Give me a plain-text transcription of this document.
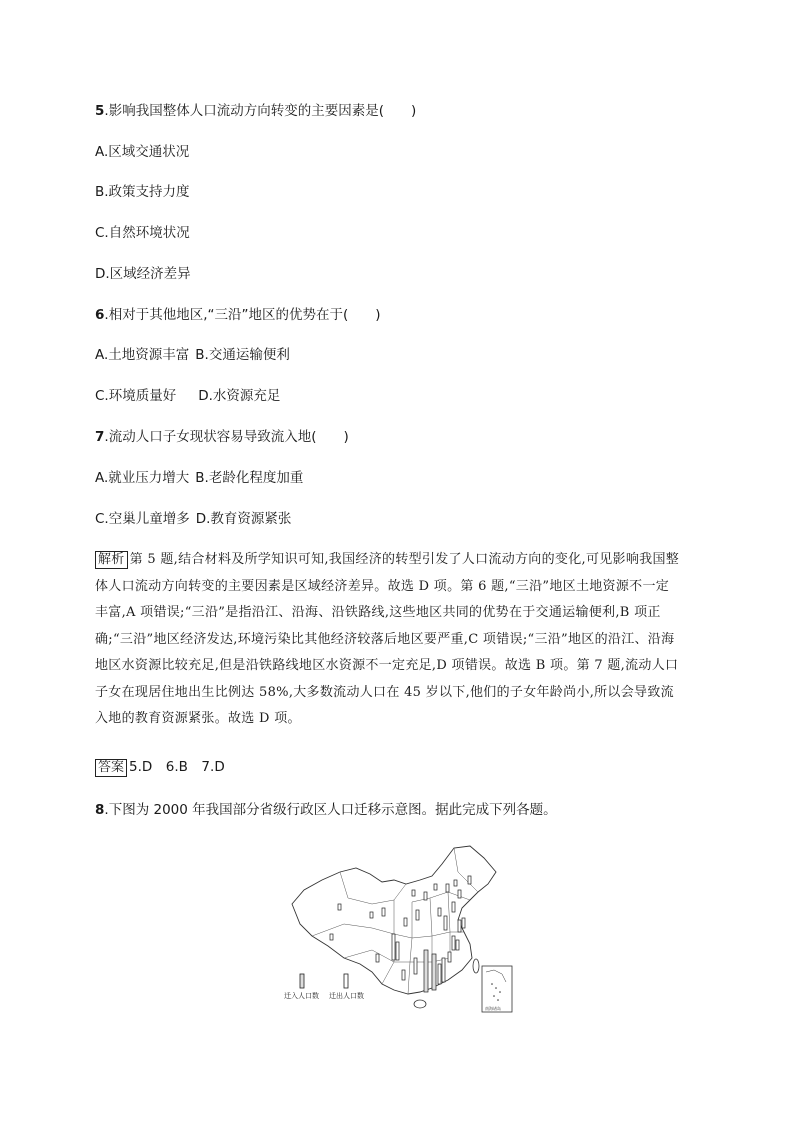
5.影响我国整体人口流动方向转变的主要因素是(　　)
A.区域交通状况
B.政策支持力度
C.自然环境状况
D.区域经济差异
6.相对于其他地区,“三沿”地区的优势在于(　　)
A.土地资源丰富 B.交通运输便利
C.环境质量好 D.水资源充足
7.流动人口子女现状容易导致流入地(　　)
A.就业压力增大 B.老龄化程度加重
C.空巢儿童增多 D.教育资源紧张
解析 第 5 题,结合材料及所学知识可知,我国经济的转型引发了人口流动方向的变化,可见影响我国整
体人口流动方向转变的主要因素是区域经济差异。故选 D 项。第 6 题,“三沿”地区土地资源不一定
丰富,A 项错误;“三沿”是指沿江、沿海、沿铁路线,这些地区共同的优势在于交通运输便利,B 项正
确;“三沿”地区经济发达,环境污染比其他经济较落后地区要严重,C 项错误;“三沿”地区的沿江、沿海
地区水资源比较充足,但是沿铁路线地区水资源不一定充足,D 项错误。故选 B 项。第 7 题,流动人口
子女在现居住地出生比例达 58%,大多数流动人口在 45 岁以下,他们的子女年龄尚小,所以会导致流
入地的教育资源紧张。故选 D 项。
答案 5.D　6.B　7.D
8.下图为 2000 年我国部分省级行政区人口迁移示意图。据此完成下列各题。
南海诸岛
迁入人口数 迁出人口数
